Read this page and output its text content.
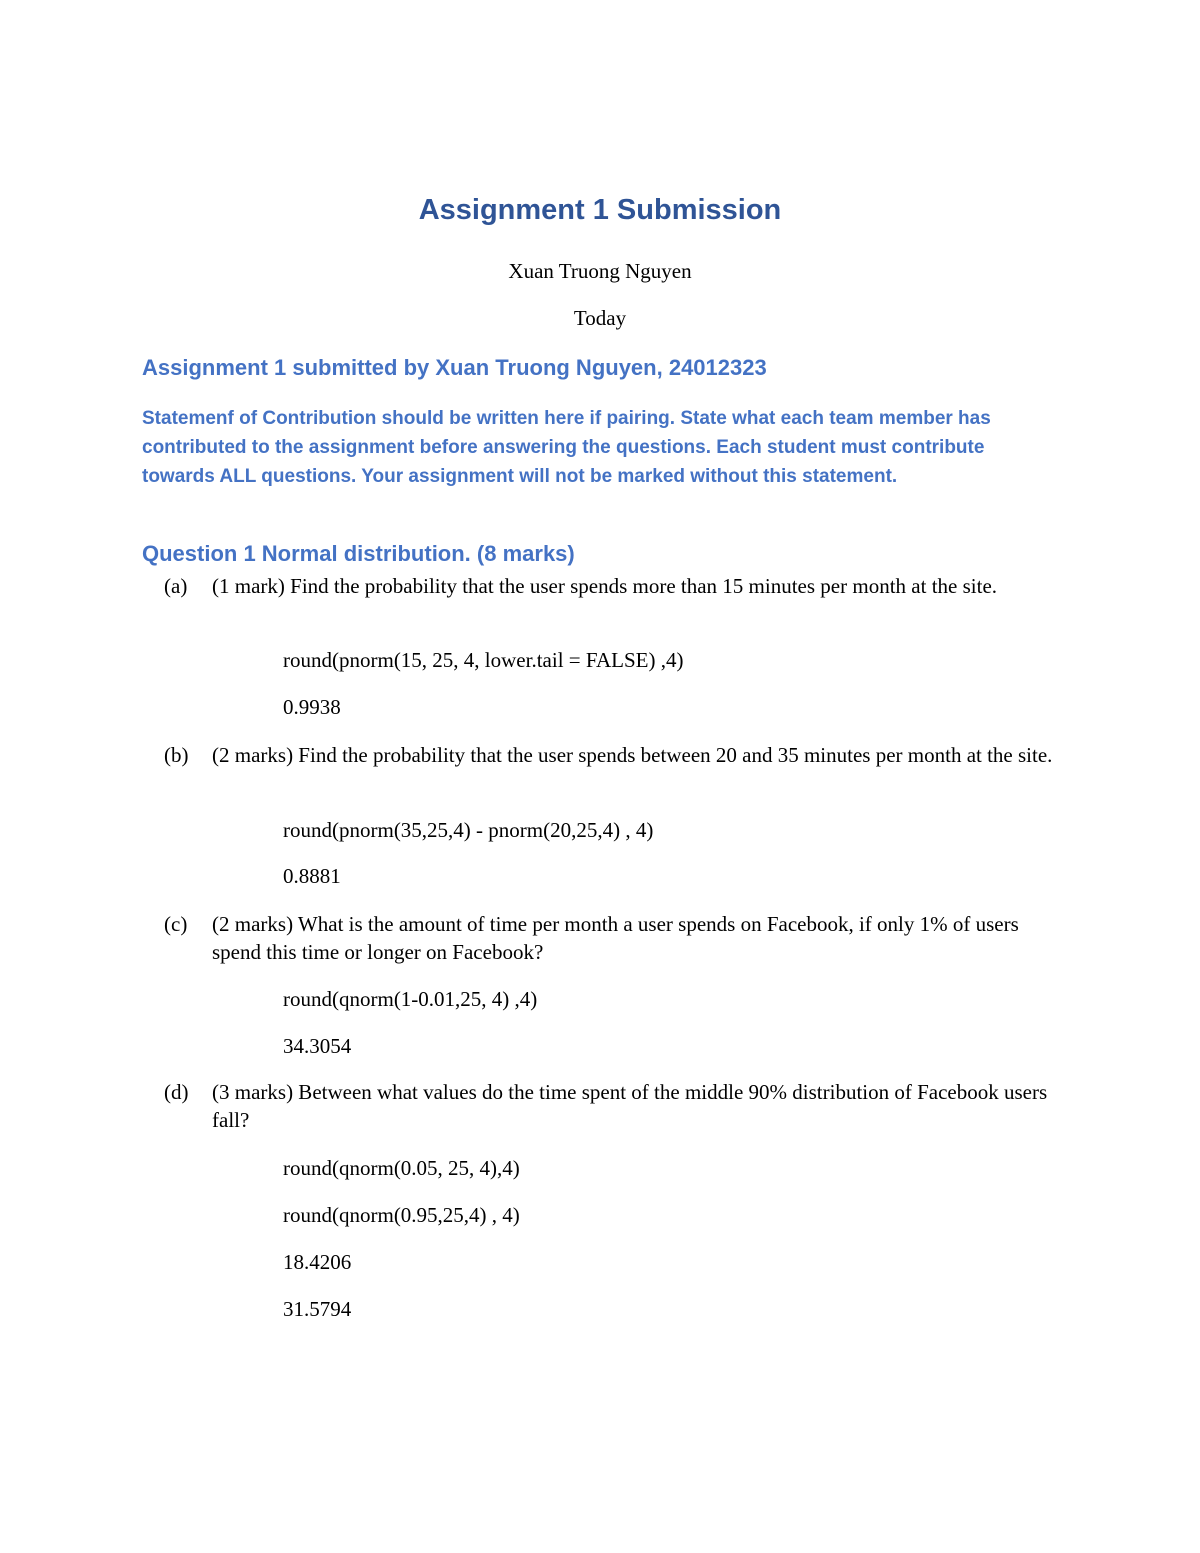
Assignment 1 Submission

Xuan Truong Nguyen

Today

Assignment 1 submitted by Xuan Truong Nguyen, 24012323

Statemenf of Contribution should be written here if pairing. State what each team member has contributed to the assignment before answering the questions. Each student must contribute towards ALL questions. Your assignment will not be marked without this statement.

Question 1 Normal distribution. (8 marks)
(a) (1 mark) Find the probability that the user spends more than 15 minutes per month at the site.

round(pnorm(15, 25, 4, lower.tail = FALSE) ,4)

0.9938

(b) (2 marks) Find the probability that the user spends between 20 and 35 minutes per month at the site.

round(pnorm(35,25,4) - pnorm(20,25,4) , 4)

0.8881

(c) (2 marks) What is the amount of time per month a user spends on Facebook, if only 1% of users spend this time or longer on Facebook?

round(qnorm(1-0.01,25, 4) ,4)

34.3054

(d) (3 marks) Between what values do the time spent of the middle 90% distribution of Facebook users fall?

round(qnorm(0.05, 25, 4),4)

round(qnorm(0.95,25,4) , 4)

18.4206

31.5794
